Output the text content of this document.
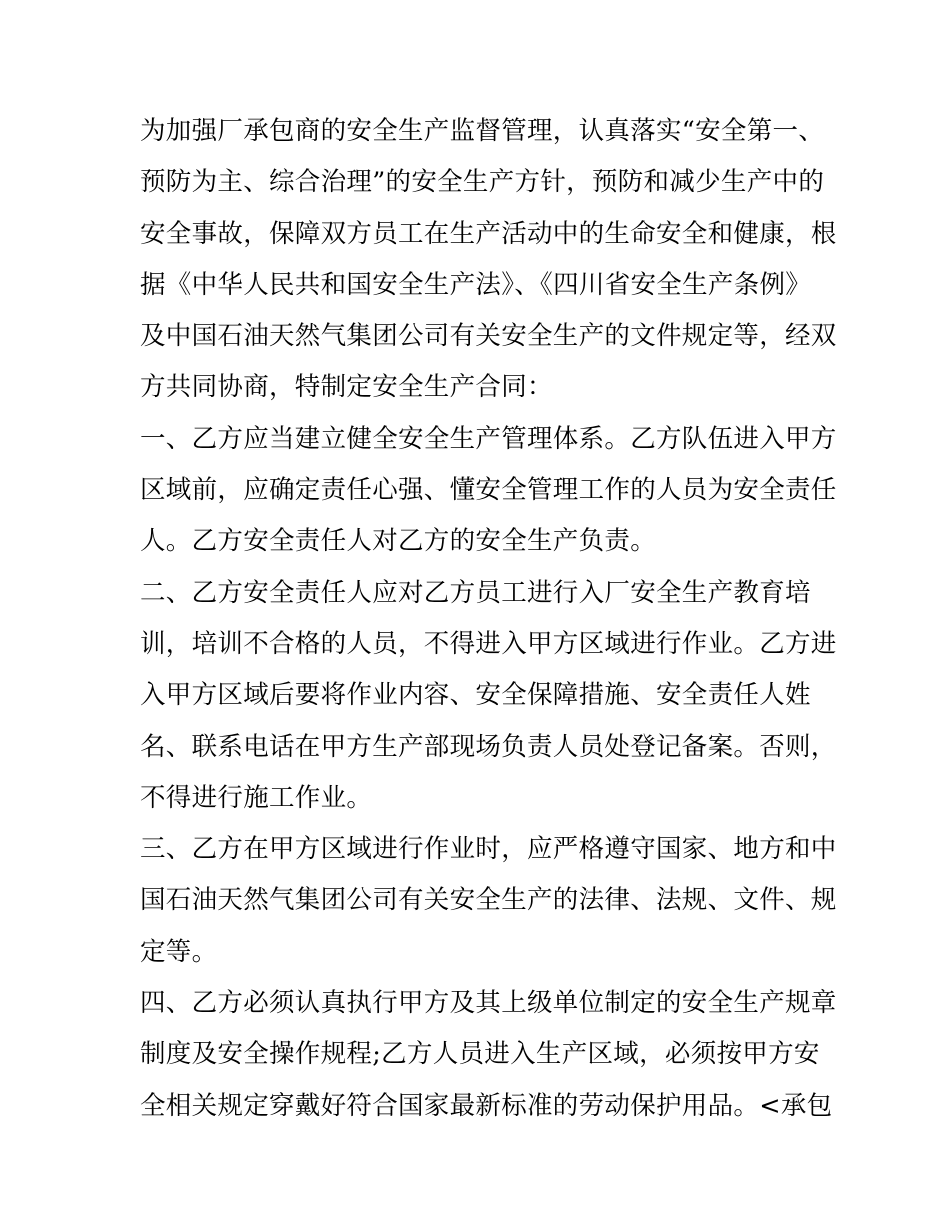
为加强厂承包商的安全生产监督管理，认真落实“安全第一、
预防为主、综合治理”的安全生产方针，预防和减少生产中的
安全事故，保障双方员工在生产活动中的生命安全和健康，根
据《中华人民共和国安全生产法》、《四川省安全生产条例》
及中国石油天然气集团公司有关安全生产的文件规定等，经双
方共同协商，特制定安全生产合同：
一、乙方应当建立健全安全生产管理体系。乙方队伍进入甲方
区域前，应确定责任心强、懂安全管理工作的人员为安全责任
人。乙方安全责任人对乙方的安全生产负责。
二、乙方安全责任人应对乙方员工进行入厂安全生产教育培
训，培训不合格的人员，不得进入甲方区域进行作业。乙方进
入甲方区域后要将作业内容、安全保障措施、安全责任人姓
名、联系电话在甲方生产部现场负责人员处登记备案。否则，
不得进行施工作业。
三、乙方在甲方区域进行作业时，应严格遵守国家、地方和中
国石油天然气集团公司有关安全生产的法律、法规、文件、规
定等。
四、乙方必须认真执行甲方及其上级单位制定的安全生产规章
制度及安全操作规程;乙方人员进入生产区域，必须按甲方安
全相关规定穿戴好符合国家最新标准的劳动保护用品。<承包
